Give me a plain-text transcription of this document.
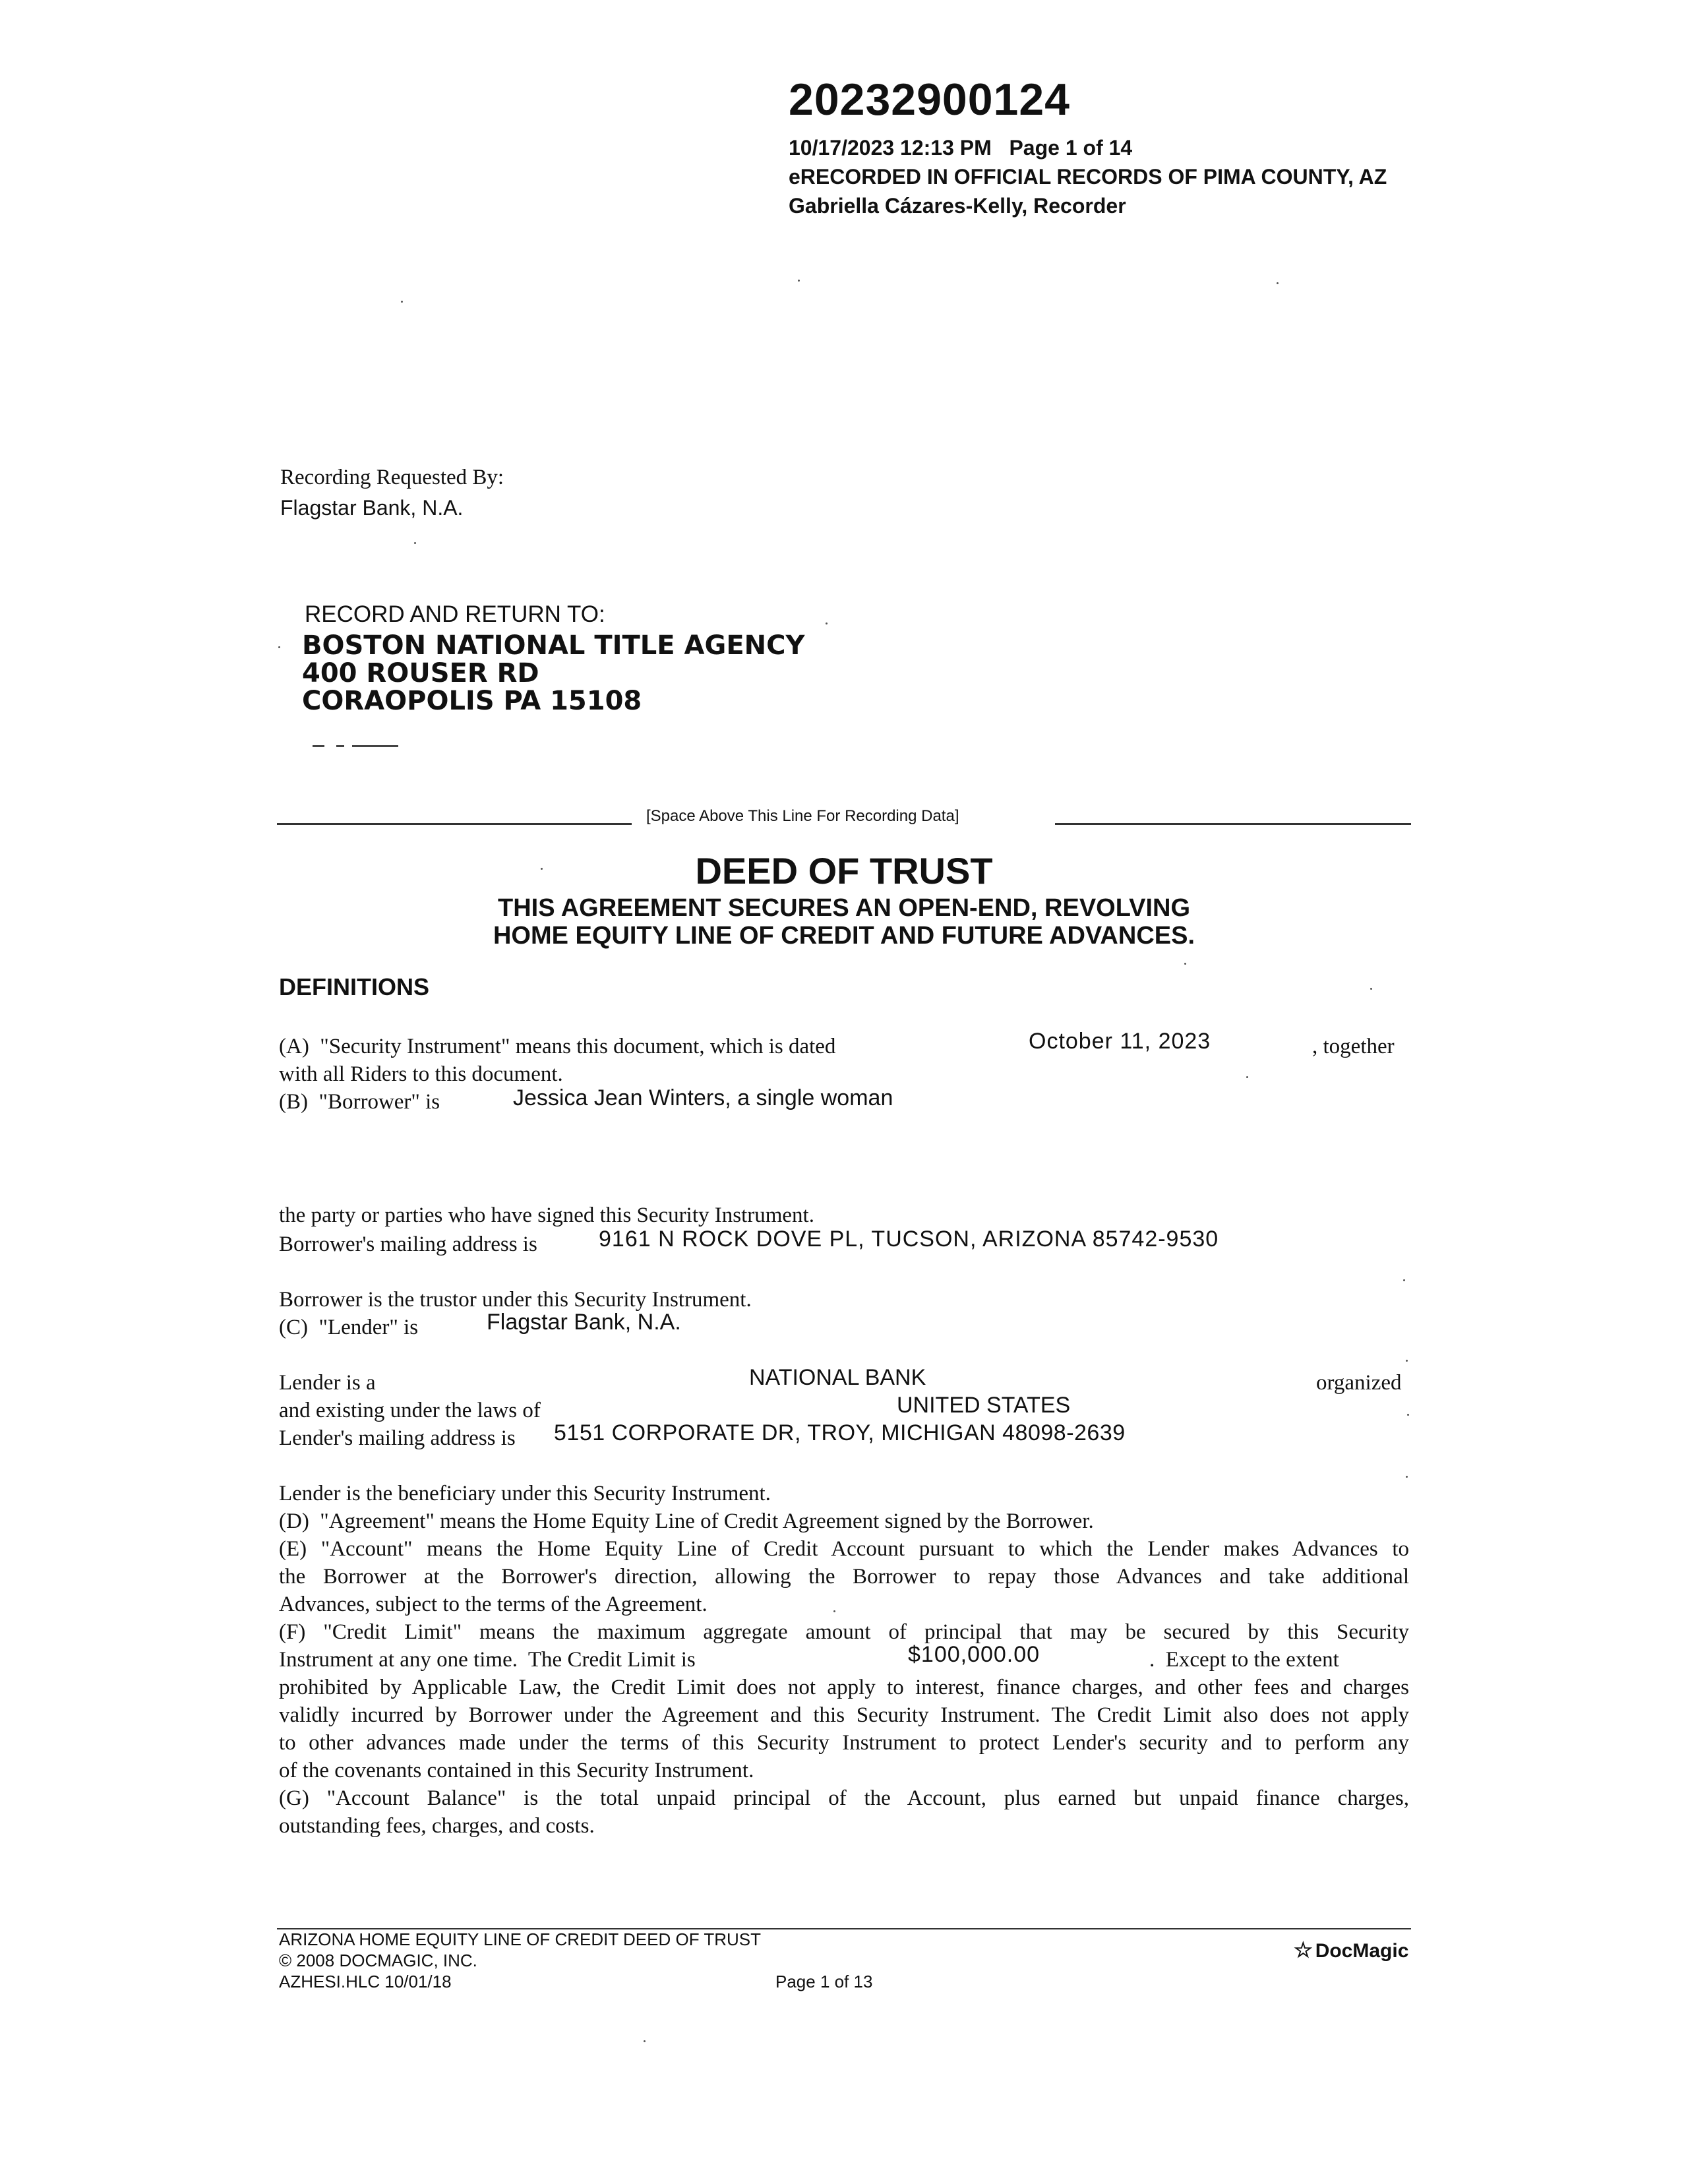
20232900124
10/17/2023 12:13 PM   Page 1 of 14
eRECORDED IN OFFICIAL RECORDS OF PIMA COUNTY, AZ
Gabriella Cázares-Kelly, Recorder
Recording Requested By:
Flagstar Bank, N.A.
RECORD AND RETURN TO:
BOSTON NATIONAL TITLE AGENCY
400 ROUSER RD
CORAOPOLIS PA 15108
[Space Above This Line For Recording Data]
DEED OF TRUST
THIS AGREEMENT SECURES AN OPEN-END, REVOLVING
HOME EQUITY LINE OF CREDIT AND FUTURE ADVANCES.
DEFINITIONS
(A)  "Security Instrument" means this document, which is dated	October 11, 2023	, together
with all Riders to this document.
(B)  "Borrower" is	Jessica Jean Winters, a single woman
the party or parties who have signed this Security Instrument.
Borrower's mailing address is	9161 N ROCK DOVE PL, TUCSON, ARIZONA 85742-9530
Borrower is the trustor under this Security Instrument.
(C)  "Lender" is	Flagstar Bank, N.A.
Lender is a	NATIONAL BANK	organized
and existing under the laws of	UNITED STATES
Lender's mailing address is 5151 CORPORATE DR, TROY, MICHIGAN 48098-2639
Lender is the beneficiary under this Security Instrument.
(D)  "Agreement" means the Home Equity Line of Credit Agreement signed by the Borrower.
(E) "Account" means the Home Equity Line of Credit Account pursuant to which the Lender makes Advances to
the Borrower at the Borrower's direction, allowing the Borrower to repay those Advances and take additional
Advances, subject to the terms of the Agreement.
(F) "Credit Limit" means the maximum aggregate amount of principal that may be secured by this Security
Instrument at any one time.  The Credit Limit is	$100,000.00	.  Except to the extent
prohibited by Applicable Law, the Credit Limit does not apply to interest, finance charges, and other fees and charges
validly incurred by Borrower under the Agreement and this Security Instrument. The Credit Limit also does not apply
to other advances made under the terms of this Security Instrument to protect Lender's security and to perform any
of the covenants contained in this Security Instrument.
(G) "Account Balance" is the total unpaid principal of the Account, plus earned but unpaid finance charges,
outstanding fees, charges, and costs.
ARIZONA HOME EQUITY LINE OF CREDIT DEED OF TRUST
© 2008 DOCMAGIC, INC.
AZHESI.HLC 10/01/18	Page 1 of 13
☆ DocMagic
